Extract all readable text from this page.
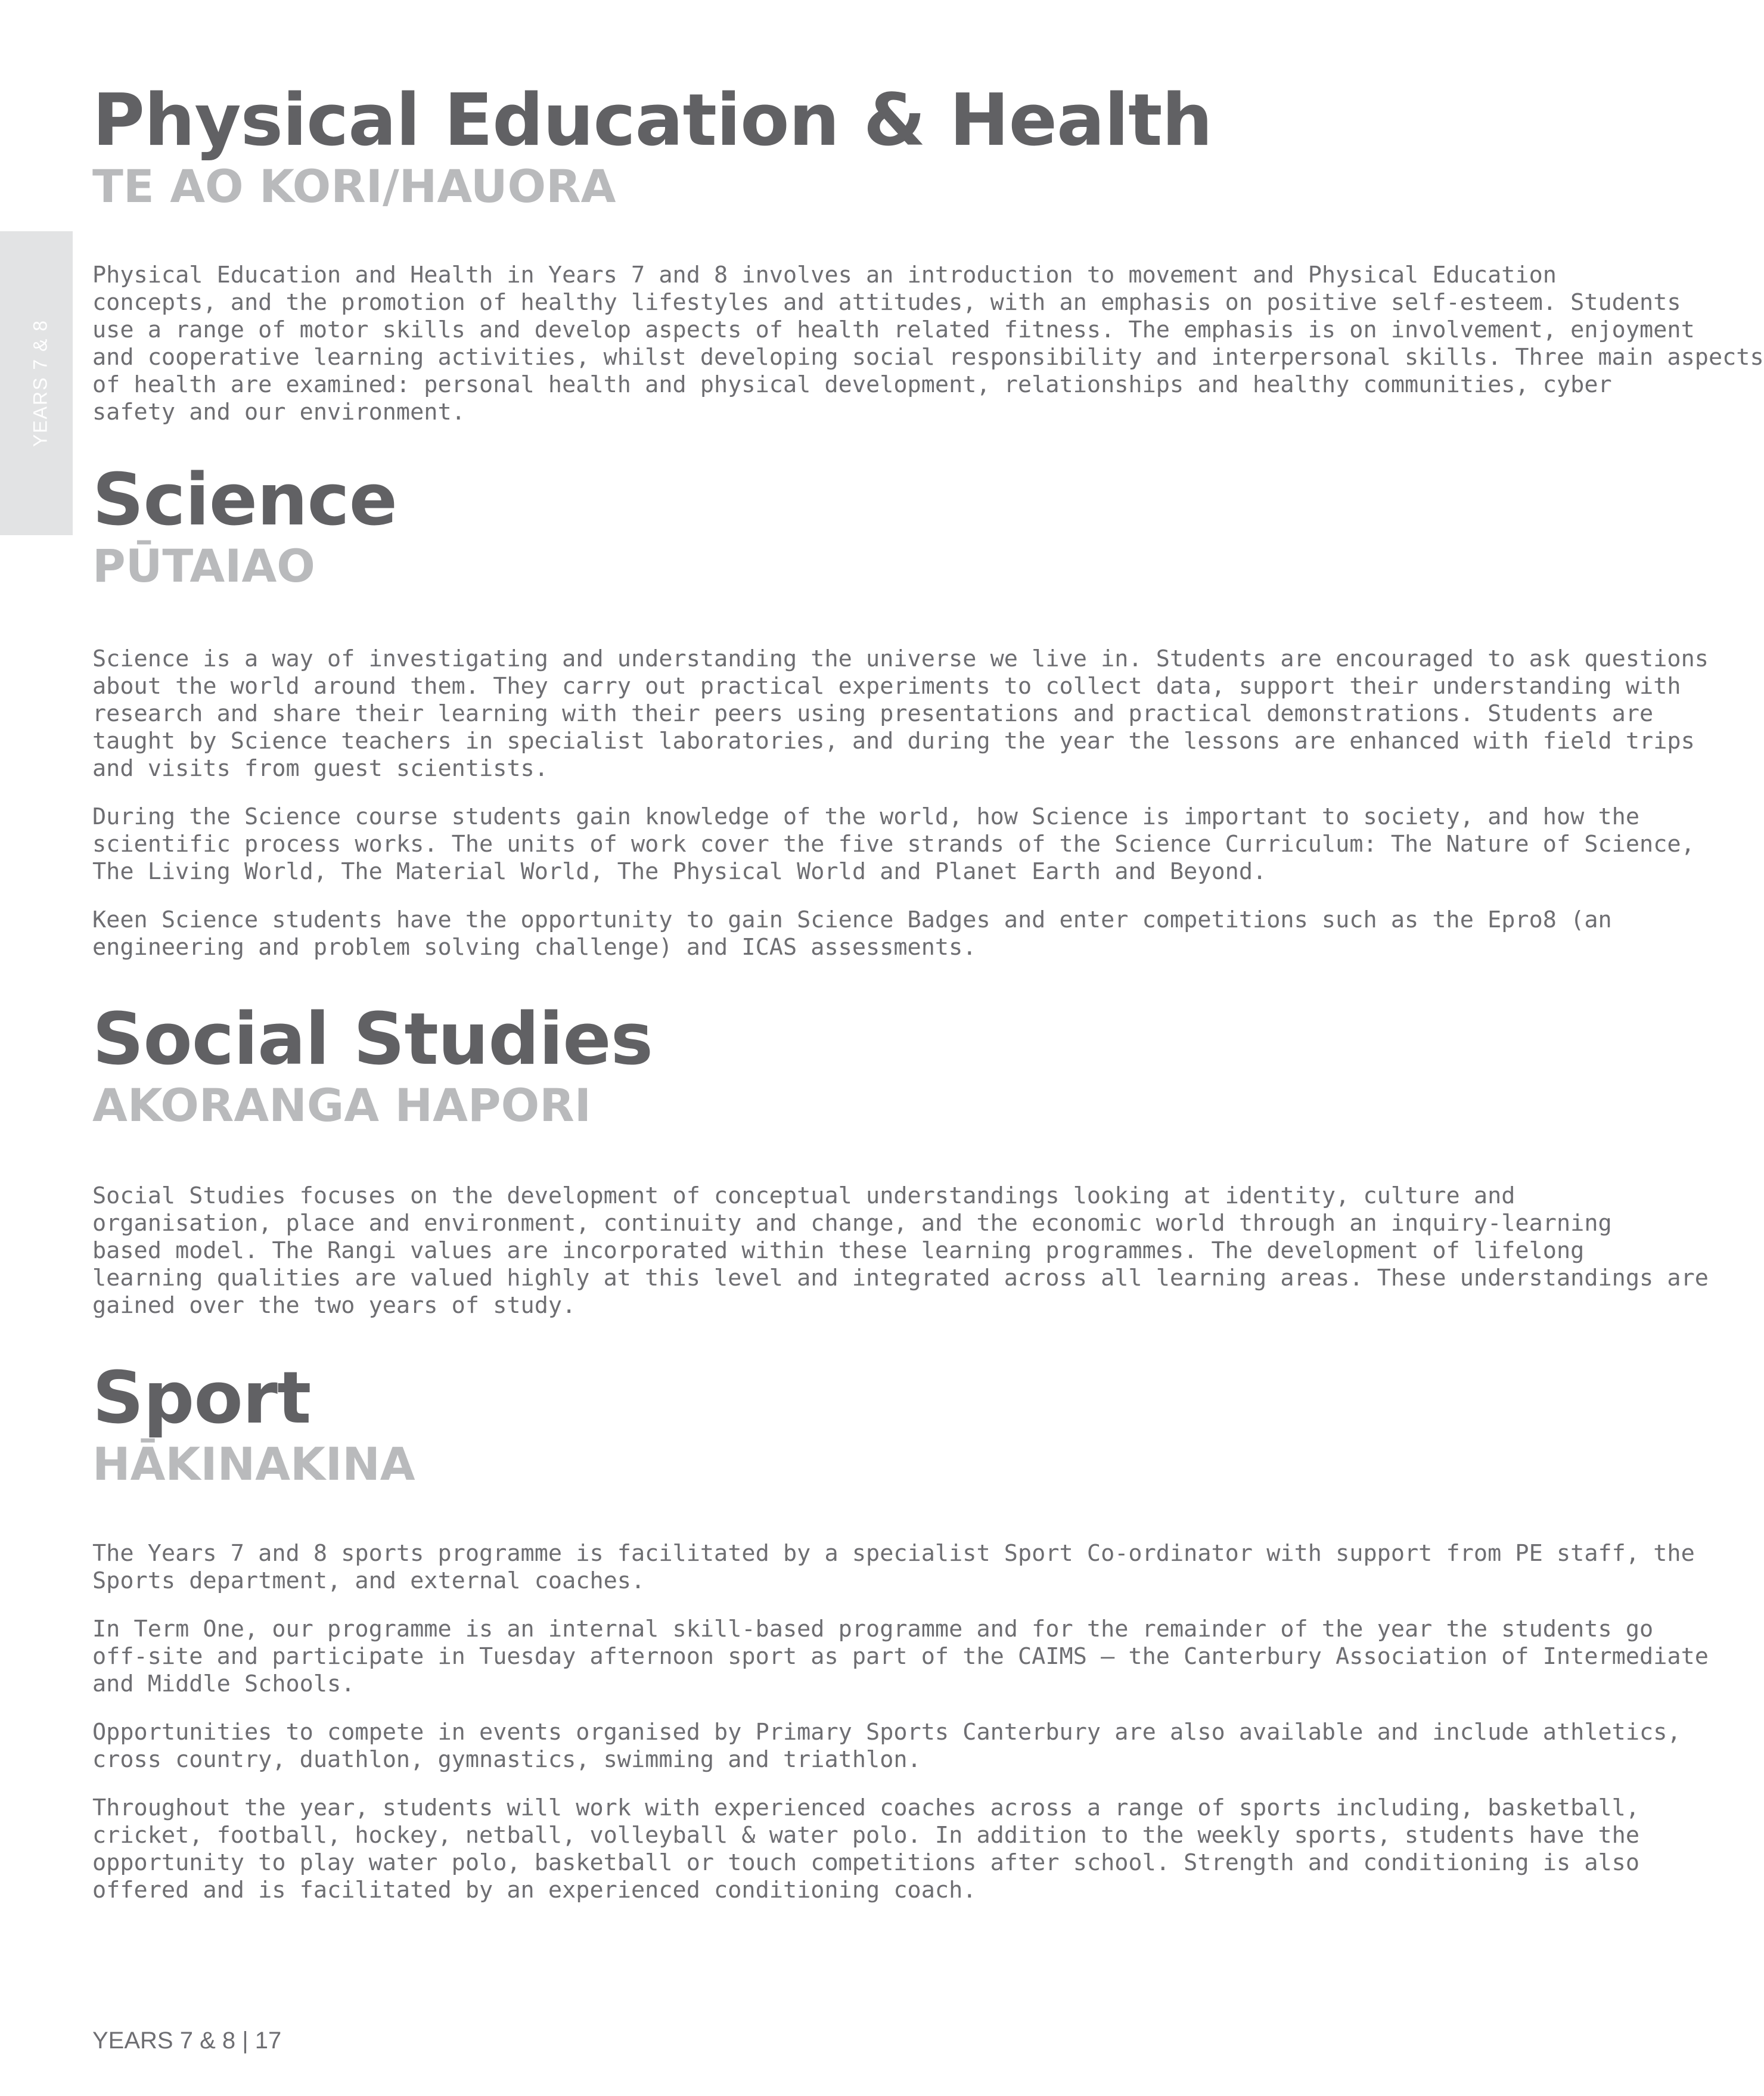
YEARS 7 & 8
Physical Education & Health
TE AO KORI/HAUORA

Physical Education and Health in Years 7 and 8 involves an introduction to movement and Physical Education
concepts, and the promotion of healthy lifestyles and attitudes, with an emphasis on positive self-esteem. Students
use a range of motor skills and develop aspects of health related fitness. The emphasis is on involvement, enjoyment
and cooperative learning activities, whilst developing social responsibility and interpersonal skills. Three main aspects
of health are examined: personal health and physical development, relationships and healthy communities, cyber
safety and our environment.

Science
PŪTAIAO

Science is a way of investigating and understanding the universe we live in. Students are encouraged to ask questions
about the world around them. They carry out practical experiments to collect data, support their understanding with
research and share their learning with their peers using presentations and practical demonstrations. Students are
taught by Science teachers in specialist laboratories, and during the year the lessons are enhanced with field trips
and visits from guest scientists.

During the Science course students gain knowledge of the world, how Science is important to society, and how the
scientific process works. The units of work cover the five strands of the Science Curriculum: The Nature of Science,
The Living World, The Material World, The Physical World and Planet Earth and Beyond.

Keen Science students have the opportunity to gain Science Badges and enter competitions such as the Epro8 (an
engineering and problem solving challenge) and ICAS assessments.

Social Studies
AKORANGA HAPORI

Social Studies focuses on the development of conceptual understandings looking at identity, culture and
organisation, place and environment, continuity and change, and the economic world through an inquiry-learning
based model. The Rangi values are incorporated within these learning programmes. The development of lifelong
learning qualities are valued highly at this level and integrated across all learning areas. These understandings are
gained over the two years of study.

Sport
HĀKINAKINA

The Years 7 and 8 sports programme is facilitated by a specialist Sport Co-ordinator with support from PE staff, the
Sports department, and external coaches.

In Term One, our programme is an internal skill-based programme and for the remainder of the year the students go
off-site and participate in Tuesday afternoon sport as part of the CAIMS – the Canterbury Association of Intermediate
and Middle Schools.

Opportunities to compete in events organised by Primary Sports Canterbury are also available and include athletics,
cross country, duathlon, gymnastics, swimming and triathlon.

Throughout the year, students will work with experienced coaches across a range of sports including, basketball,
cricket, football, hockey, netball, volleyball & water polo. In addition to the weekly sports, students have the
opportunity to play water polo, basketball or touch competitions after school. Strength and conditioning is also
offered and is facilitated by an experienced conditioning coach.

YEARS 7 & 8 | 17
